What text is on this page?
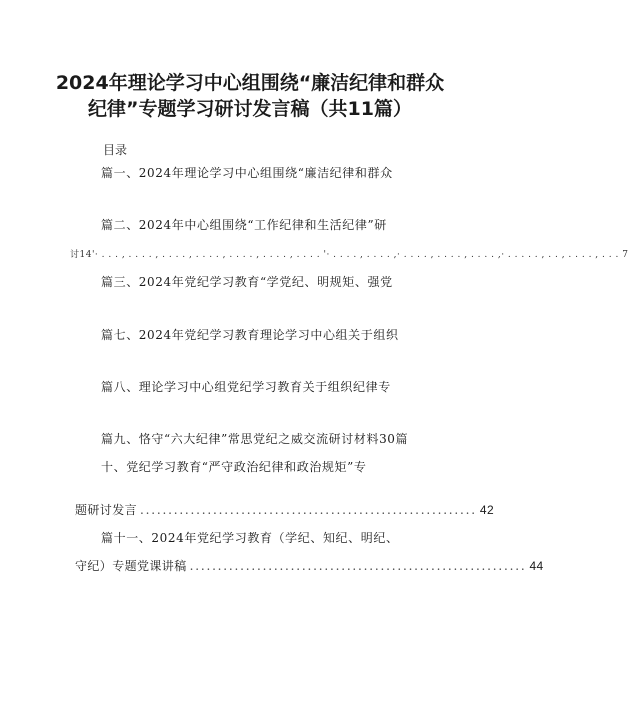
2024年理论学习中心组围绕“廉洁纪律和群众
纪律”专题学习研讨发言稿（共11篇）
目录
篇一、2024年理论学习中心组围绕“廉洁纪律和群众
篇二、2024年中心组围绕“工作纪律和生活纪律”研
讨14'· . . . , . . . . , . . . . , . . . . , . . . . , . . . . , . . . . '· . . . . , . . . . ,· . . . . , . . . . , . . . . ,· . . . . . , . . , . . . . , . . . 7
篇三、2024年党纪学习教育“学党纪、明规矩、强党
篇七、2024年党纪学习教育理论学习中心组关于组织
篇八、理论学习中心组党纪学习教育关于组织纪律专
篇九、恪守“六大纪律”常思党纪之威交流研讨材料30篇
十、党纪学习教育“严守政治纪律和政治规矩”专
题研讨发言 ............................................................ 42
篇十一、2024年党纪学习教育（学纪、知纪、明纪、
守纪）专题党课讲稿 ............................................................ 44
